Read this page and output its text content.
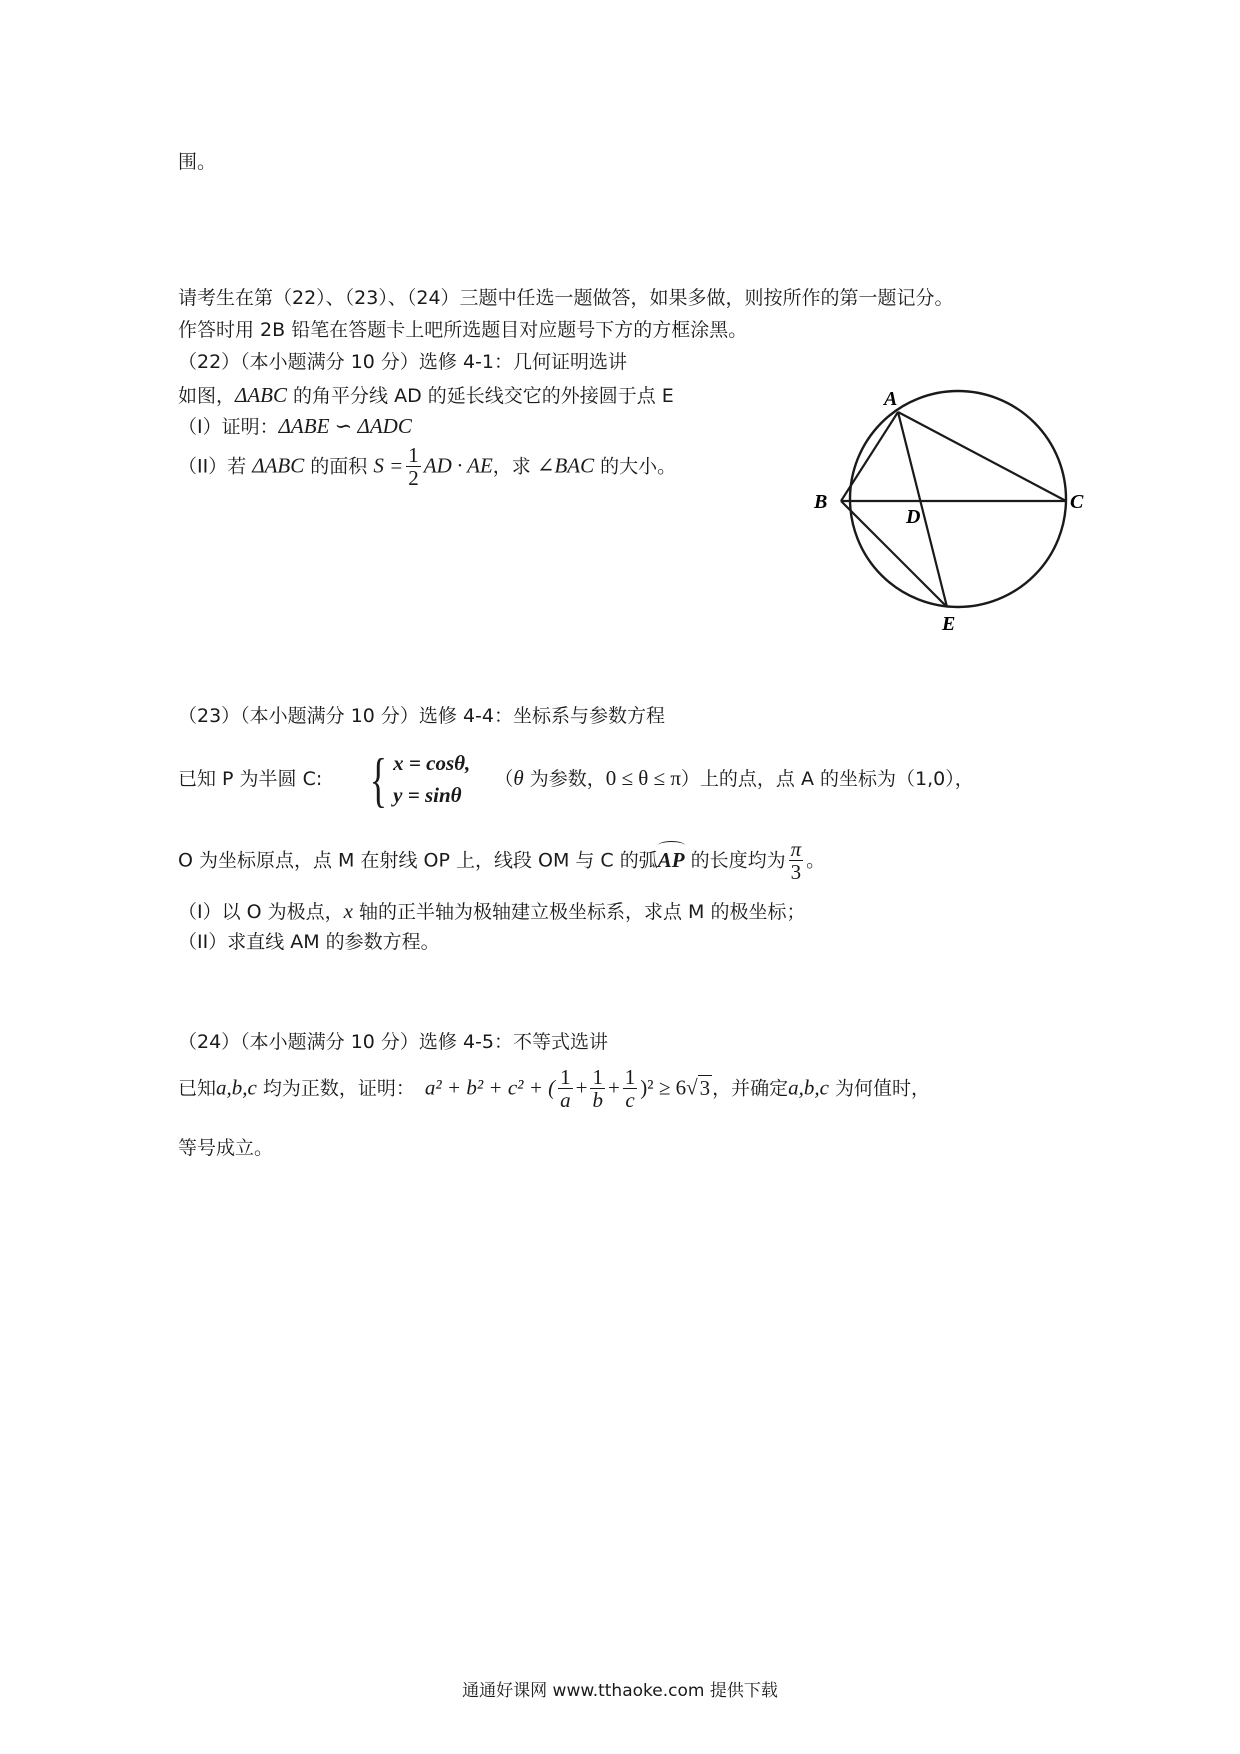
围。
请考生在第（22）、（23）、（24）三题中任选一题做答，如果多做，则按所作的第一题记分。
作答时用 2B 铅笔在答题卡上吧所选题目对应题号下方的方框涂黑。
（22）（本小题满分 10 分）选修 4-1：几何证明选讲
如图，ΔABC 的角平分线 AD 的延长线交它的外接圆于点 E
（I）证明：ΔABE ∽ ΔADC
（II）若 ΔABC 的面积 $S = \frac{1}{2}$ AD · AE，求 ∠BAC 的大小。
A
B	C
D
E
（23）（本小题满分 10 分）选修 4-4：坐标系与参数方程
已知 P 为半圆 C: { x = cosθ,
y = sinθ
（θ 为参数，0 ≤ θ ≤ π）上的点，点 A 的坐标为（1,0），
O 为坐标原点，点 M 在射线 OP 上，线段 OM 与 C 的弧AP 的长度均为 $\frac{\pi}{3}$ 。
（I）以 O 为极点，x 轴的正半轴为极轴建立极坐标系，求点 M 的极坐标；
（II）求直线 AM 的参数方程。
（24）（本小题满分 10 分）选修 4-5：不等式选讲
已知a,b,c 均为正数，证明： a² + b² + c² + ( $\frac{1}{a} + \frac{1}{b} + \frac{1}{c} )^2 \ge 6√3$ ，并确定a,b,c 为何值时，
等号成立。
通通好课网 www.tthaoke.com 提供下载
